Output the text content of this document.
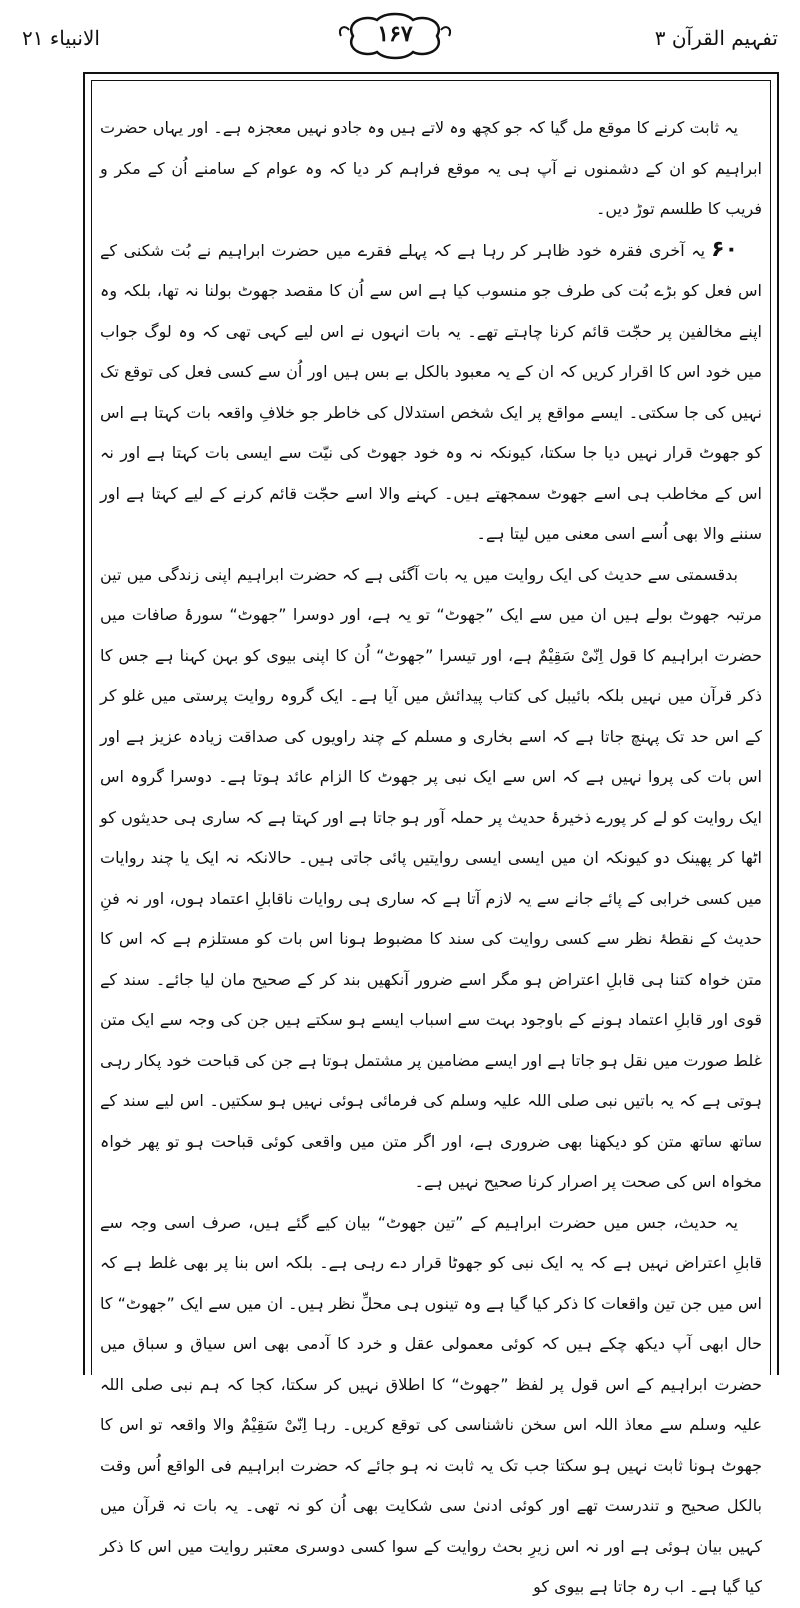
تفہیم القرآن ۳
۱۶۷
الانبیاء ۲۱

یہ ثابت کرنے کا موقع مل گیا کہ جو کچھ وہ لاتے ہیں وہ جادو نہیں معجزہ ہے۔ اور یہاں حضرت ابراہیم کو ان کے دشمنوں نے آپ ہی یہ موقع فراہم کر دیا کہ وہ عوام کے سامنے اُن کے مکر و فریب کا طلسم توڑ دیں۔

۶۰یہ آخری فقرہ خود ظاہر کر رہا ہے کہ پہلے فقرے میں حضرت ابراہیم نے بُت شکنی کے اس فعل کو بڑے بُت کی طرف جو منسوب کیا ہے اس سے اُن کا مقصد جھوٹ بولنا نہ تھا، بلکہ وہ اپنے مخالفین پر حجّت قائم کرنا چاہتے تھے۔ یہ بات انہوں نے اس لیے کہی تھی کہ وہ لوگ جواب میں خود اس کا اقرار کریں کہ ان کے یہ معبود بالکل بے بس ہیں اور اُن سے کسی فعل کی توقع تک نہیں کی جا سکتی۔ ایسے مواقع پر ایک شخص استدلال کی خاطر جو خلافِ واقعہ بات کہتا ہے اس کو جھوٹ قرار نہیں دیا جا سکتا، کیونکہ نہ وہ خود جھوٹ کی نیّت سے ایسی بات کہتا ہے اور نہ اس کے مخاطب ہی اسے جھوٹ سمجھتے ہیں۔ کہنے والا اسے حجّت قائم کرنے کے لیے کہتا ہے اور سننے والا بھی اُسے اسی معنی میں لیتا ہے۔

بدقسمتی سے حدیث کی ایک روایت میں یہ بات آگئی ہے کہ حضرت ابراہیم اپنی زندگی میں تین مرتبہ جھوٹ بولے ہیں ان میں سے ایک ”جھوٹ“ تو یہ ہے، اور دوسرا ”جھوٹ“ سورۂ صافات میں حضرت ابراہیم کا قول اِنّیْ سَقِیْمٌ ہے، اور تیسرا ”جھوٹ“ اُن کا اپنی بیوی کو بہن کہنا ہے جس کا ذکر قرآن میں نہیں بلکہ بائیبل کی کتاب پیدائش میں آیا ہے۔ ایک گروہ روایت پرستی میں غلو کر کے اس حد تک پہنچ جاتا ہے کہ اسے بخاری و مسلم کے چند راویوں کی صداقت زیادہ عزیز ہے اور اس بات کی پروا نہیں ہے کہ اس سے ایک نبی پر جھوٹ کا الزام عائد ہوتا ہے۔ دوسرا گروہ اس ایک روایت کو لے کر پورے ذخیرۂ حدیث پر حملہ آور ہو جاتا ہے اور کہتا ہے کہ ساری ہی حدیثوں کو اٹھا کر پھینک دو کیونکہ ان میں ایسی ایسی روایتیں پائی جاتی ہیں۔ حالانکہ نہ ایک یا چند روایات میں کسی خرابی کے پائے جانے سے یہ لازم آتا ہے کہ ساری ہی روایات ناقابلِ اعتماد ہوں، اور نہ فنِ حدیث کے نقطۂ نظر سے کسی روایت کی سند کا مضبوط ہونا اس بات کو مستلزم ہے کہ اس کا متن خواہ کتنا ہی قابلِ اعتراض ہو مگر اسے ضرور آنکھیں بند کر کے صحیح مان لیا جائے۔ سند کے قوی اور قابلِ اعتماد ہونے کے باوجود بہت سے اسباب ایسے ہو سکتے ہیں جن کی وجہ سے ایک متن غلط صورت میں نقل ہو جاتا ہے اور ایسے مضامین پر مشتمل ہوتا ہے جن کی قباحت خود پکار رہی ہوتی ہے کہ یہ باتیں نبی صلی اللہ علیہ وسلم کی فرمائی ہوئی نہیں ہو سکتیں۔ اس لیے سند کے ساتھ ساتھ متن کو دیکھنا بھی ضروری ہے، اور اگر متن میں واقعی کوئی قباحت ہو تو پھر خواہ مخواہ اس کی صحت پر اصرار کرنا صحیح نہیں ہے۔

یہ حدیث، جس میں حضرت ابراہیم کے ”تین جھوٹ“ بیان کیے گئے ہیں، صرف اسی وجہ سے قابلِ اعتراض نہیں ہے کہ یہ ایک نبی کو جھوٹا قرار دے رہی ہے۔ بلکہ اس بنا پر بھی غلط ہے کہ اس میں جن تین واقعات کا ذکر کیا گیا ہے وہ تینوں ہی محلِّ نظر ہیں۔ ان میں سے ایک ”جھوٹ“ کا حال ابھی آپ دیکھ چکے ہیں کہ کوئی معمولی عقل و خرد کا آدمی بھی اس سیاق و سباق میں حضرت ابراہیم کے اس قول پر لفظ ”جھوٹ“ کا اطلاق نہیں کر سکتا، کجا کہ ہم نبی صلی اللہ علیہ وسلم سے معاذ اللہ اس سخن ناشناسی کی توقع کریں۔ رہا اِنّیْ سَقِیْمٌ والا واقعہ تو اس کا جھوٹ ہونا ثابت نہیں ہو سکتا جب تک یہ ثابت نہ ہو جائے کہ حضرت ابراہیم فی الواقع اُس وقت بالکل صحیح و تندرست تھے اور کوئی ادنیٰ سی شکایت بھی اُن کو نہ تھی۔ یہ بات نہ قرآن میں کہیں بیان ہوئی ہے اور نہ اس زیرِ بحث روایت کے سوا کسی دوسری معتبر روایت میں اس کا ذکر کیا گیا ہے۔ اب رہ جاتا ہے بیوی کو
